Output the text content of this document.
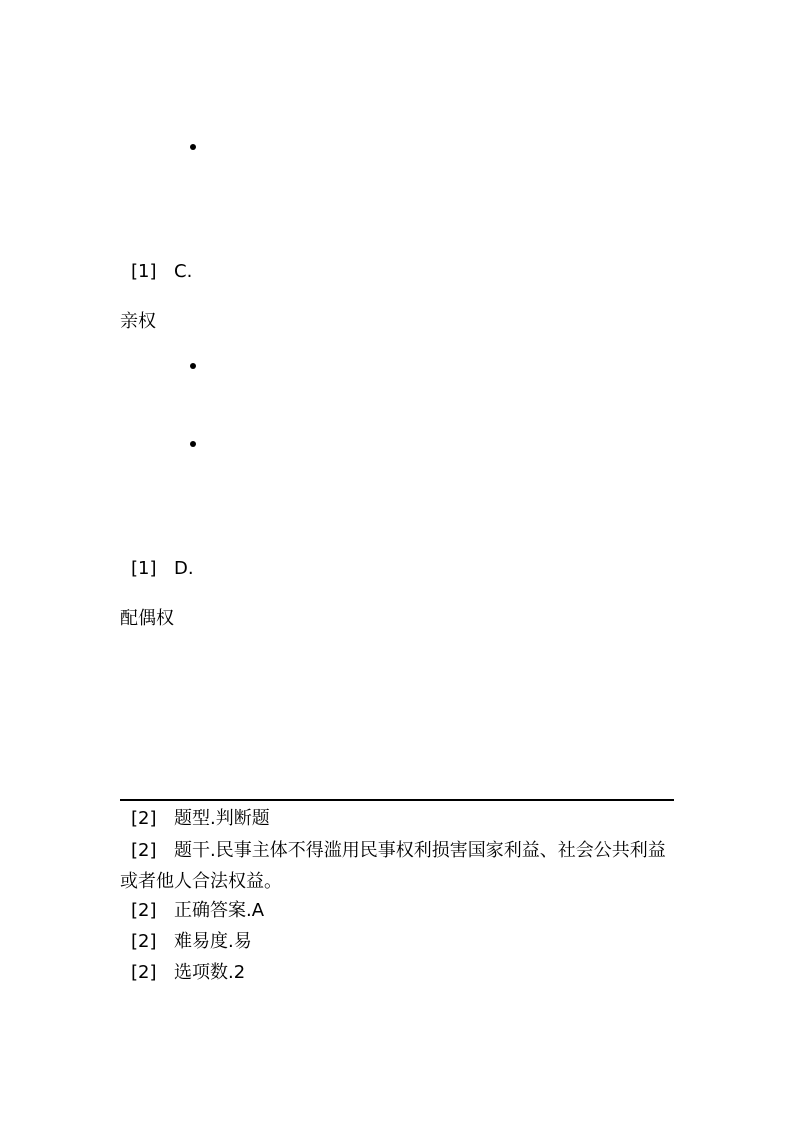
[1] C.
亲权
[1] D.
配偶权
[2] 题型.判断题
[2] 题干.民事主体不得滥用民事权利损害国家利益、社会公共利益
或者他人合法权益。
[2] 正确答案.A
[2] 难易度.易
[2] 选项数.2
